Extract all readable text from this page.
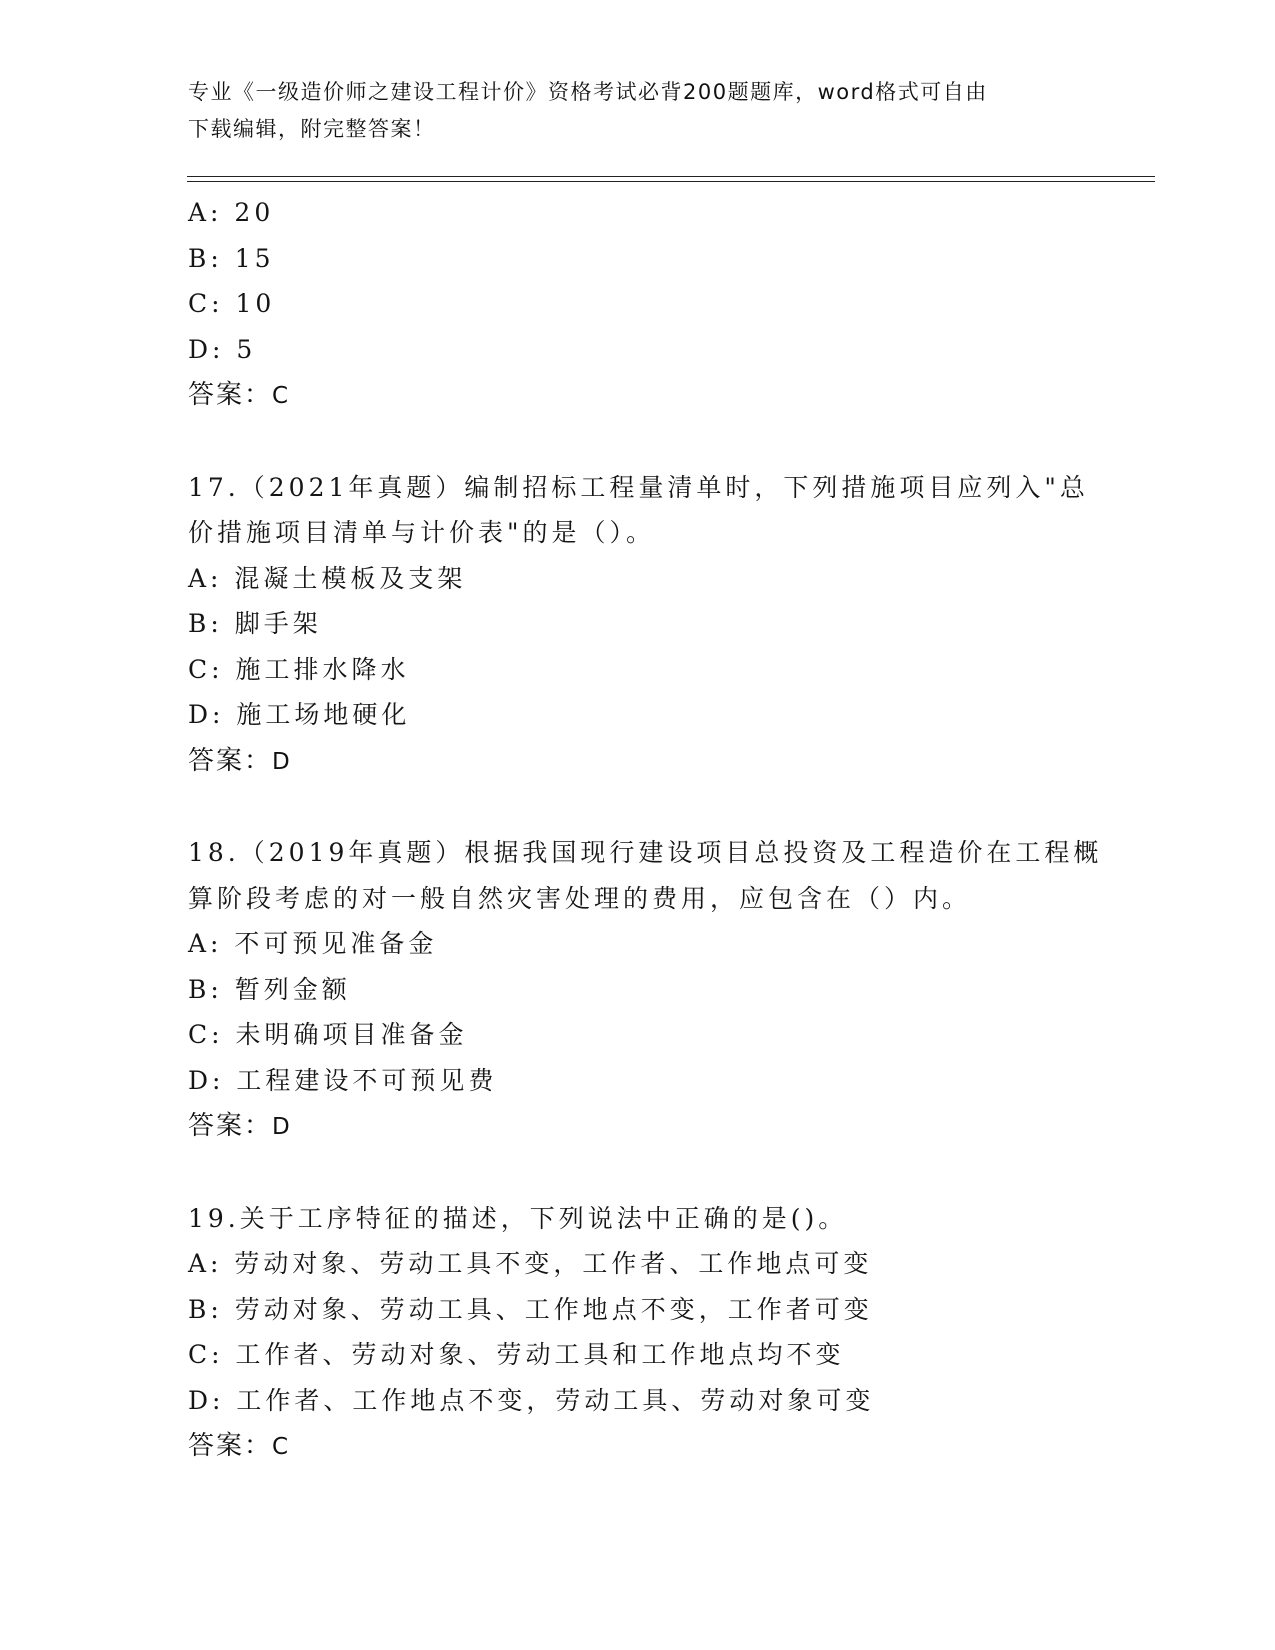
专业《一级造价师之建设工程计价》资格考试必背200题题库，word格式可自由
下载编辑，附完整答案！
A: 20
B: 15
C: 10
D: 5
答案：C
17.（2021年真题）编制招标工程量清单时，下列措施项目应列入"总
价措施项目清单与计价表"的是（）。
A: 混凝土模板及支架
B: 脚手架
C: 施工排水降水
D: 施工场地硬化
答案：D
18.（2019年真题）根据我国现行建设项目总投资及工程造价在工程概
算阶段考虑的对一般自然灾害处理的费用，应包含在（）内。
A: 不可预见准备金
B: 暂列金额
C: 未明确项目准备金
D: 工程建设不可预见费
答案：D
19.关于工序特征的描述，下列说法中正确的是()。
A: 劳动对象、劳动工具不变，工作者、工作地点可变
B: 劳动对象、劳动工具、工作地点不变，工作者可变
C: 工作者、劳动对象、劳动工具和工作地点均不变
D: 工作者、工作地点不变，劳动工具、劳动对象可变
答案：C
